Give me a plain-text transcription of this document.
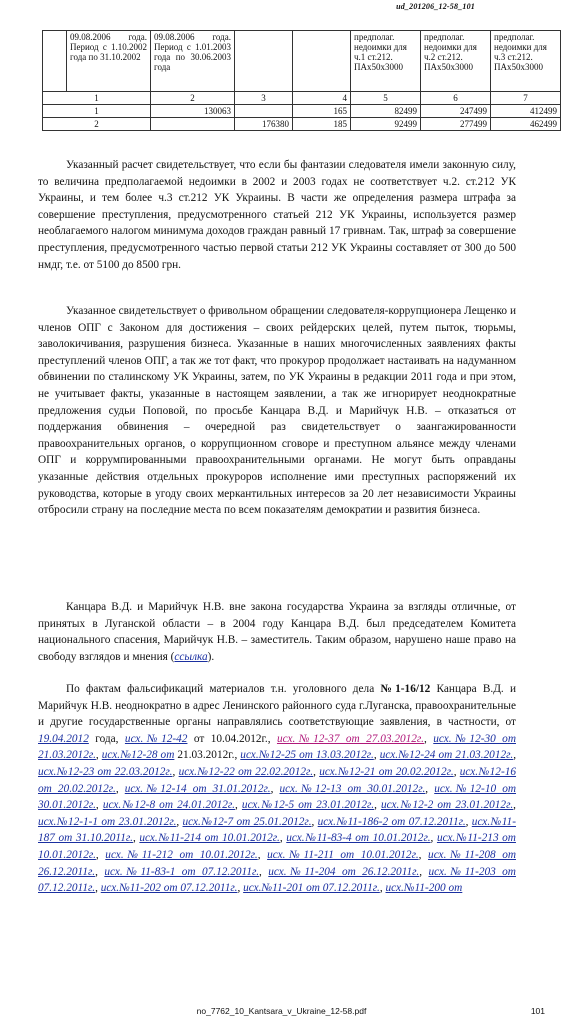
ud_201206_12-58_101
	09.08.2006 года. Период с 1.10.2002 года по 31.10.2002	09.08.2006 года. Период с 1.01.2003 года по 30.06.2003 года			предполаг. недоимки для ч.1 ст.212. ПАх50х3000	предполаг. недоимки для ч.2 ст.212. ПАх50х3000	предполаг. недоимки для ч.3 ст.212. ПАх50х3000
1		2	3	4	5	6	7
1		130063		165	82499	247499	412499
2			176380	185	92499	277499	462499

Указанный расчет свидетельствует, что если бы фантазии следователя имели законную силу, то величина предполагаемой недоимки в 2002 и 2003 годах не соответствует ч.2. ст.212 УК Украины, и тем более ч.3 ст.212 УК Украины. В части же определения размера штрафа за совершение преступления, предусмотренного статьей 212 УК Украины, используется размер необлагаемого налогом минимума доходов граждан равный 17 гривнам. Так, штраф за совершение преступления, предусмотренного частью первой статьи 212 УК Украины составляет от 300 до 500 нмдг, т.е. от 5100 до 8500 грн.

Указанное свидетельствует о фривольном обращении следователя-коррупционера Лещенко и членов ОПГ с Законом для достижения – своих рейдерских целей, путем пыток, тюрьмы, заволокичивания, разрушения бизнеса. Указанные в наших многочисленных заявлениях факты преступлений членов ОПГ, а так же тот факт, что прокурор продолжает настаивать на надуманном обвинении по сталинскому УК Украины, затем, по УК Украины в редакции 2011 года и при этом, не учитывает факты, указанные в настоящем заявлении, а так же игнорирует неоднократные предложения судьи Поповой, по просьбе Канцара В.Д. и Марийчук Н.В. – отказаться от поддержания обвинения – очередной раз свидетельствует о заангажированности правоохранительных органов, о коррупционном сговоре и преступном альянсе между членами ОПГ и коррумпированными правоохранительными органами. Не могут быть оправданы указанные действия отдельных прокуроров исполнение ими преступных распоряжений их руководства, которые в угоду своих меркантильных интересов за 20 лет независимости Украины отбросили страну на последние места по всем показателям демократии и развития бизнеса.

Канцара В.Д. и Марийчук Н.В. вне закона государства Украина за взгляды отличные, от принятых в Луганской области – в 2004 году Канцара В.Д. был председателем Комитета национального спасения, Марийчук Н.В. – заместитель. Таким образом, нарушено наше право на свободу взглядов и мнения (ссылка).

По фактам фальсификаций материалов т.н. уголовного дела №1-16/12 Канцара В.Д. и Марийчук Н.В. неоднократно в адрес Ленинского районного суда г.Луганска, правоохранительные и другие государственные органы направлялись соответствующие заявления, в частности, от 19.04.2012 года, исх.№12-42 от 10.04.2012г., исх.№12-37 от 27.03.2012г., исх.№12-30 от 21.03.2012г., исх.№12-28 от 21.03.2012г., исх.№12-25 от 13.03.2012г., исх.№12-24 от 21.03.2012г., исх.№12-23 от 22.03.2012г., исх.№12-22 от 22.02.2012г., исх.№12-21 от 20.02.2012г., исх.№12-16 от 20.02.2012г., исх.№12-14 от 31.01.2012г., исх.№12-13 от 30.01.2012г., исх.№12-10 от 30.01.2012г., исх.№12-8 от 24.01.2012г., исх.№12-5 от 23.01.2012г., исх.№12-2 от 23.01.2012г., исх.№12-1-1 от 23.01.2012г., исх.№12-7 от 25.01.2012г., исх.№11-186-2 от 07.12.2011г., исх.№11-187 от 31.10.2011г., исх.№11-214 от 10.01.2012г., исх.№11-83-4 от 10.01.2012г., исх.№11-213 от 10.01.2012г., исх.№11-212 от 10.01.2012г., исх.№11-211 от 10.01.2012г., исх.№11-208 от 26.12.2011г., исх.№11-83-1 от 07.12.2011г., исх.№11-204 от 26.12.2011г., исх.№11-203 от 07.12.2011г., исх.№11-202 от 07.12.2011г., исх.№11-201 от 07.12.2011г., исх.№11-200 от

no_7762_10_Kantsara_v_Ukraine_12-58.pdf	101
